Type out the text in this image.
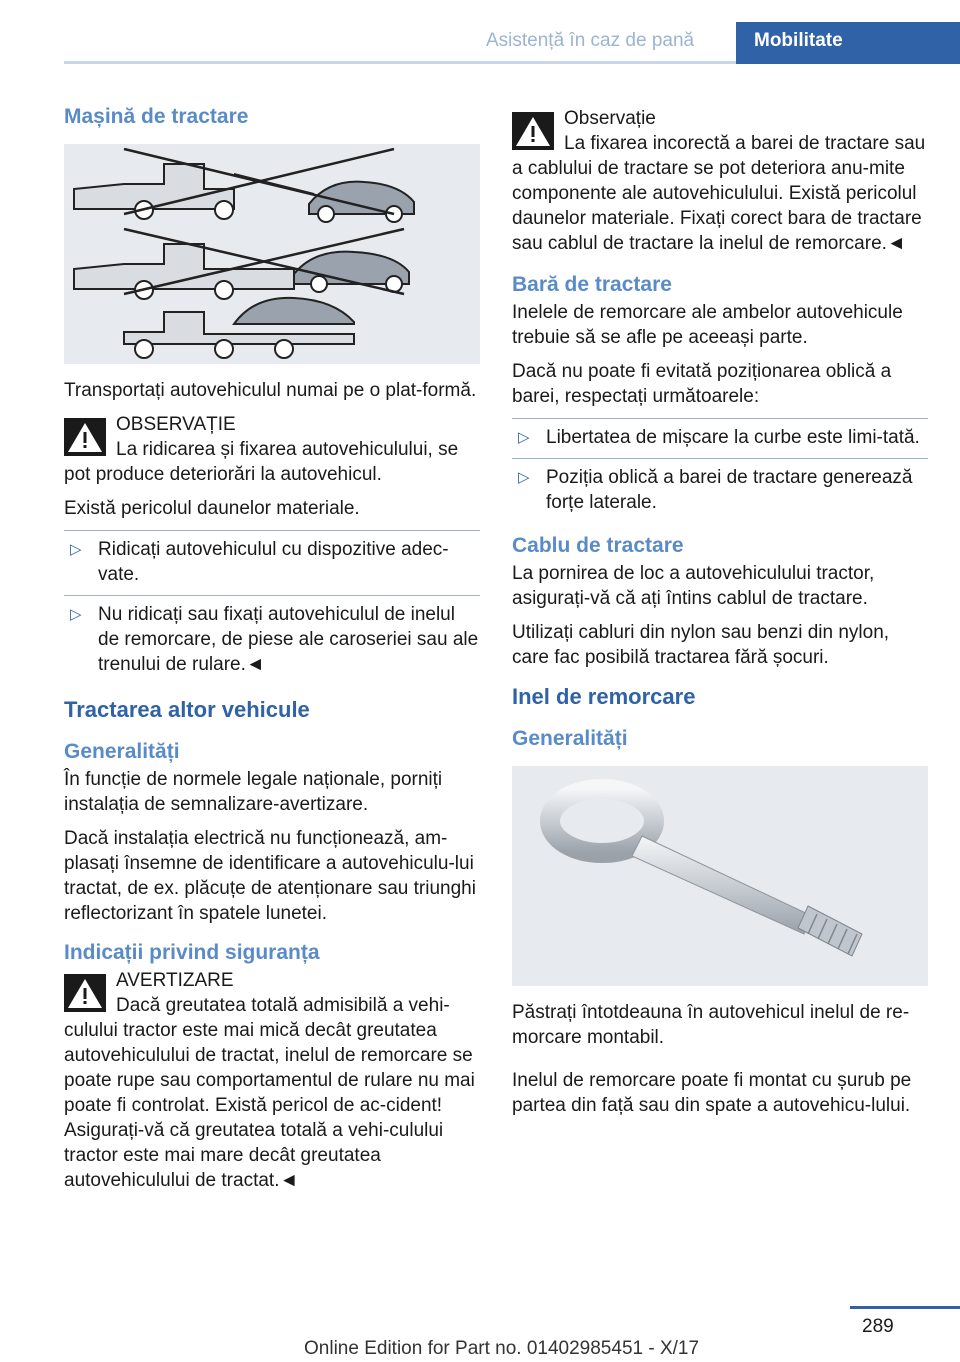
Asistență în caz de pană	Mobilitate
Mașină de tractare

Transportați autovehiculul numai pe o plat-formă.

OBSERVAȚIE
La ridicarea și fixarea autovehiculului, se pot produce deteriorări la autovehicul.

Există pericolul daunelor materiale.

▷ Ridicați autovehiculul cu dispozitive adec-vate.
▷ Nu ridicați sau fixați autovehiculul de inelul de remorcare, de piese ale caroseriei sau ale trenului de rulare.◄
Tractarea altor vehicule
Generalități

În funcție de normele legale naționale, porniți instalația de semnalizare-avertizare.

Dacă instalația electrică nu funcționează, am-plasați însemne de identificare a autovehiculu-lui tractat, de ex. plăcuțe de atenționare sau triunghi reflectorizant în spatele lunetei.

Indicații privind siguranța
AVERTIZARE
Dacă greutatea totală admisibilă a vehi-culului tractor este mai mică decât greutatea autovehiculului de tractat, inelul de remorcare se poate rupe sau comportamentul de rulare nu mai poate fi controlat. Există pericol de ac-cident! Asigurați-vă că greutatea totală a vehi-culului tractor este mai mare decât greutatea autovehiculului de tractat.◄
Observație
La fixarea incorectă a barei de tractare sau a cablului de tractare se pot deteriora anu-mite componente ale autovehiculului. Există pericolul daunelor materiale. Fixați corect bara de tractare sau cablul de tractare la inelul de remorcare.◄
Bară de tractare

Inelele de remorcare ale ambelor autovehicule trebuie să se afle pe aceeași parte.

Dacă nu poate fi evitată poziționarea oblică a barei, respectați următoarele:

▷ Libertatea de mișcare la curbe este limi-tată.
▷ Poziția oblică a barei de tractare generează forțe laterale.
Cablu de tractare

La pornirea de loc a autovehiculului tractor, asigurați-vă că ați întins cablul de tractare.

Utilizați cabluri din nylon sau benzi din nylon, care fac posibilă tractarea fără șocuri.

Inel de remorcare
Generalități

Păstrați întotdeauna în autovehicul inelul de re-morcare montabil.

Inelul de remorcare poate fi montat cu șurub pe partea din față sau din spate a autovehicu-lului.

289
Online Edition for Part no. 01402985451 - X/17
